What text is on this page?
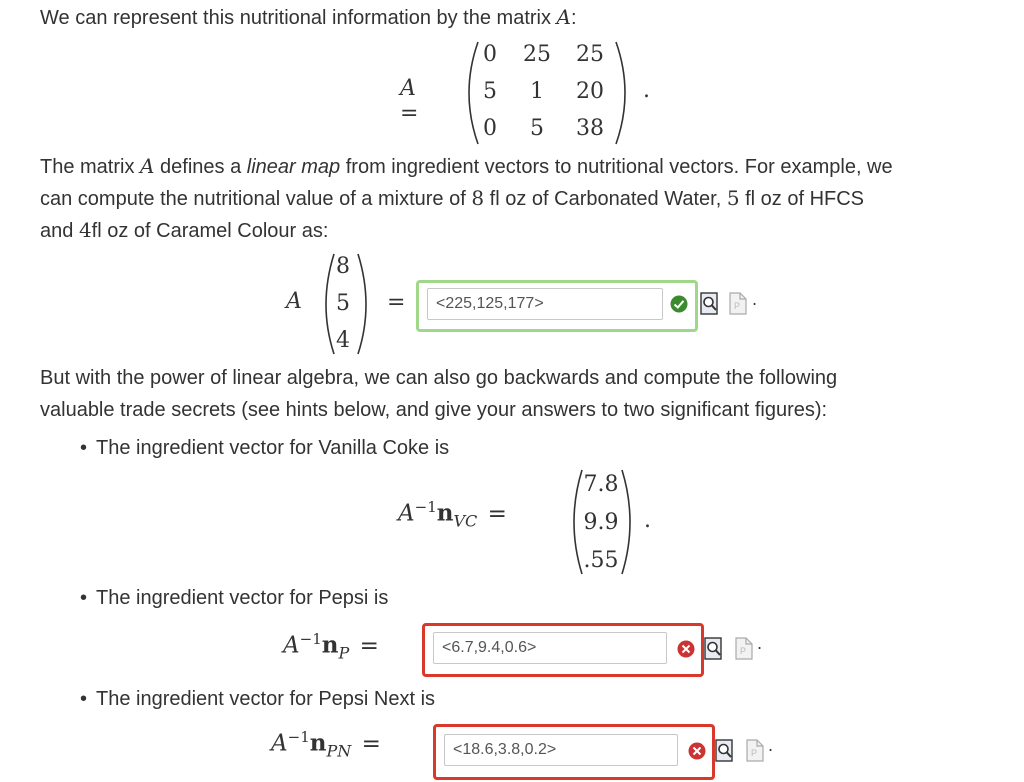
We can represent this nutritional information by the matrix A:
A =
0	25 25
5	1	20
0	5	38
.
The matrix A defines a linear map from ingredient vectors to nutritional vectors. For example, we
can compute the nutritional value of a mixture of 8 fl oz of Carbonated Water, 5 fl oz of HFCS
and 4fl oz of Caramel Colour as:
A
8
5
4
=	<225,125,177>	P .
But with the power of linear algebra, we can also go backwards and compute the following
valuable trade secrets (see hints below, and give your answers to two significant figures):
• The ingredient vector for Vanilla Coke is
$A^{-1}n_{VC}$ =
7.8
9.9
.55
.
• The ingredient vector for Pepsi is
$A^{-1}n_P$ =	<6.7,9.4,0.6>	P .
• The ingredient vector for Pepsi Next is
$A^{-1}n_{PN}$ =	<18.6,3.8,0.2>	P .
